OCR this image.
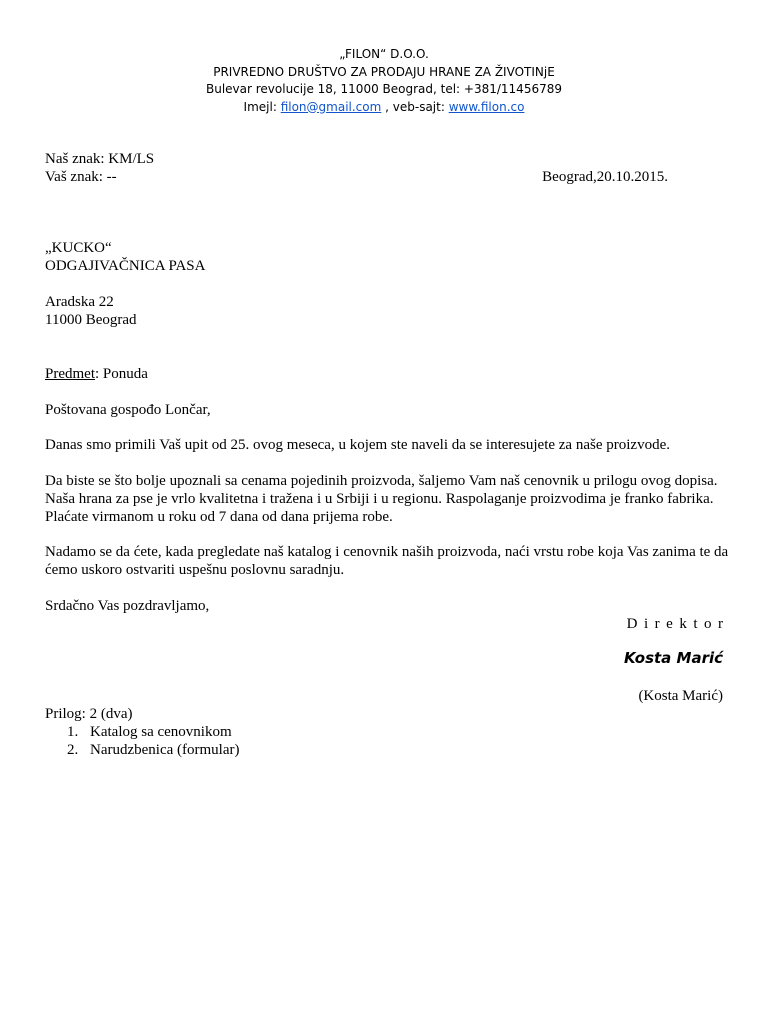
„FILON“ D.O.O.
PRIVREDNO DRUŠTVO ZA PRODAJU HRANE ZA ŽIVOTINjE
Bulevar revolucije 18, 11000 Beograd, tel: +381/11456789
Imejl: filon@gmail.com , veb-sajt: www.filon.co
Naš znak: KM/LS
Vaš znak: --	Beograd,20.10.2015.
„KUCKO“
ODGAJIVAČNICA PASA
Aradska 22
11000 Beograd
Predmet: Ponuda
Poštovana gospođo Lončar,
Danas smo primili Vaš upit od 25. ovog meseca, u kojem ste naveli da se interesujete za naše proizvode.
Da biste se što bolje upoznali sa cenama pojedinih proizvoda, šaljemo Vam naš cenovnik u prilogu ovog dopisa. Naša hrana za pse je vrlo kvalitetna i tražena i u Srbiji i u regionu. Raspolaganje proizvodima je franko fabrika. Plaćate virmanom u roku od 7 dana od dana prijema robe.
Nadamo se da ćete, kada pregledate naš katalog i cenovnik naših proizvoda, naći vrstu robe koja Vas zanima te da ćemo uskoro ostvariti uspešnu poslovnu saradnju.
Srdačno Vas pozdravljamo,
Direktor
Kosta Marić
(Kosta Marić)
Prilog: 2 (dva)
1. Katalog sa cenovnikom
2. Narudzbenica (formular)
